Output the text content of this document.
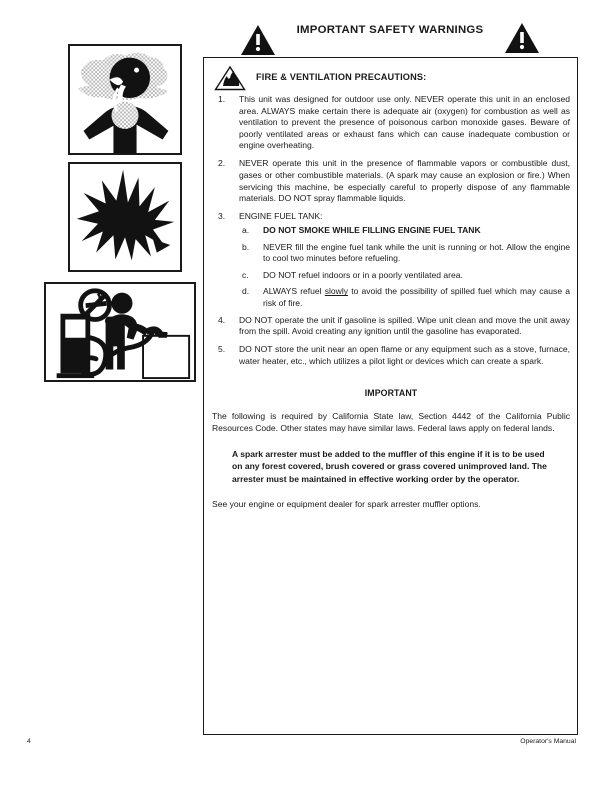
IMPORTANT SAFETY WARNINGS
FIRE & VENTILATION PRECAUTIONS:
1.	This unit was designed for outdoor use only. NEVER operate this unit in an enclosed area. ALWAYS make certain there is adequate air (oxygen) for combustion as well as ventilation to prevent the presence of poisonous carbon monoxide gases. Beware of poorly ventilated areas or exhaust fans which can cause inadequate combustion or engine overheating.
2.	NEVER operate this unit in the presence of flammable vapors or combustible dust, gases or other combustible materials. (A spark may cause an explosion or fire.) When servicing this machine, be especially careful to properly dispose of any flammable materials. DO NOT spray flammable liquids.
3.	ENGINE FUEL TANK:
a.	DO NOT SMOKE WHILE FILLING ENGINE FUEL TANK
b.	NEVER fill the engine fuel tank while the unit is running or hot. Allow the engine to cool two minutes before refueling.
c.	DO NOT refuel indoors or in a poorly ventilated area.
d.	ALWAYS refuel slowly to avoid the possibility of spilled fuel which may cause a risk of fire.
4.	DO NOT operate the unit if gasoline is spilled. Wipe unit clean and move the unit away from the spill. Avoid creating any ignition until the gasoline has evaporated.
5.	DO NOT store the unit near an open flame or any equipment such as a stove, furnace, water heater, etc., which utilizes a pilot light or devices which can create a spark.
IMPORTANT

The following is required by California State law, Section 4442 of the California Public Resources Code. Other states may have similar laws. Federal laws apply on federal lands.

A spark arrester must be added to the muffler of this engine if it is to be used on any forest covered, brush covered or grass covered unimproved land. The arrester must be maintained in effective working order by the operator.

See your engine or equipment dealer for spark arrester muffler options.

4	Operator's Manual
